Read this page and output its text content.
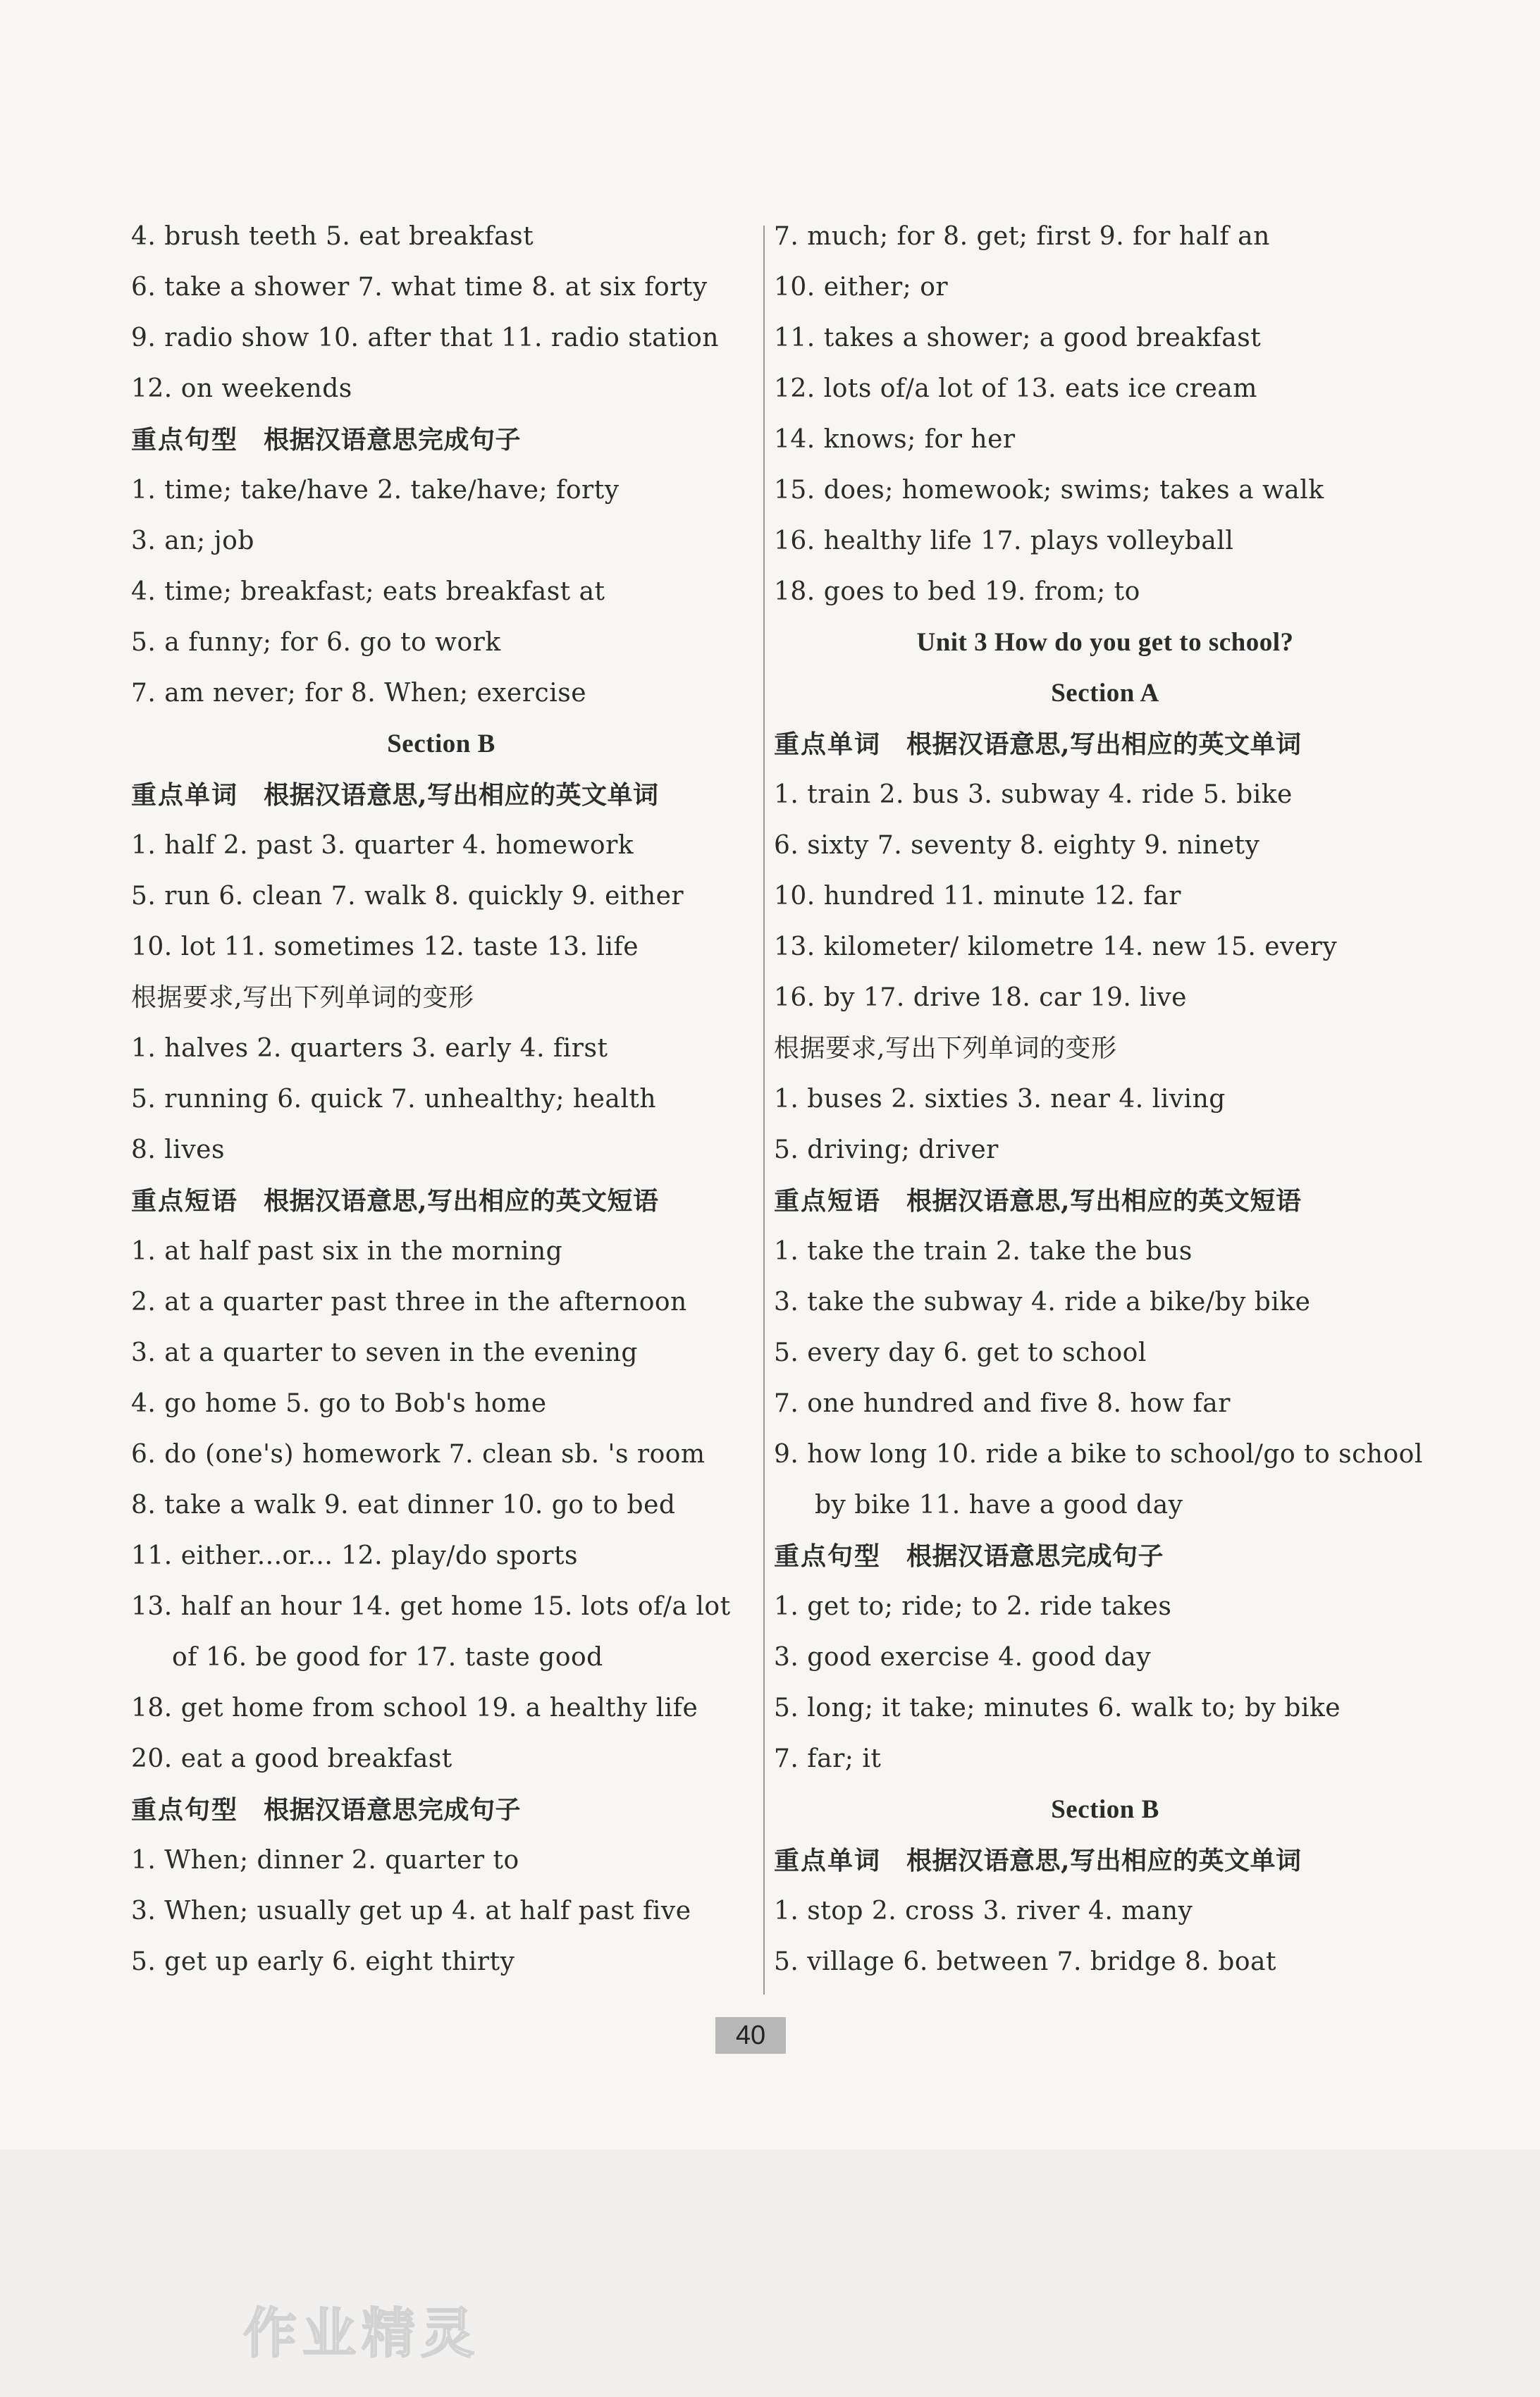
4. brush teeth 5. eat breakfast
6. take a shower 7. what time 8. at six forty
9. radio show 10. after that 11. radio station
12. on weekends
重点句型 根据汉语意思完成句子
1. time; take/have 2. take/have; forty
3. an; job
4. time; breakfast; eats breakfast at
5. a funny; for 6. go to work
7. am never; for 8. When; exercise
Section B
重点单词 根据汉语意思,写出相应的英文单词
1. half 2. past 3. quarter 4. homework
5. run 6. clean 7. walk 8. quickly 9. either
10. lot 11. sometimes 12. taste 13. life
根据要求,写出下列单词的变形
1. halves 2. quarters 3. early 4. first
5. running 6. quick 7. unhealthy; health
8. lives
重点短语 根据汉语意思,写出相应的英文短语
1. at half past six in the morning
2. at a quarter past three in the afternoon
3. at a quarter to seven in the evening
4. go home 5. go to Bob's home
6. do (one's) homework 7. clean sb. 's room
8. take a walk 9. eat dinner 10. go to bed
11. either...or... 12. play/do sports
13. half an hour 14. get home 15. lots of/a lot
of 16. be good for 17. taste good
18. get home from school 19. a healthy life
20. eat a good breakfast
重点句型 根据汉语意思完成句子
1. When; dinner 2. quarter to
3. When; usually get up 4. at half past five
5. get up early 6. eight thirty
7. much; for 8. get; first 9. for half an
10. either; or
11. takes a shower; a good breakfast
12. lots of/a lot of 13. eats ice cream
14. knows; for her
15. does; homewook; swims; takes a walk
16. healthy life 17. plays volleyball
18. goes to bed 19. from; to
Unit 3 How do you get to school?
Section A
重点单词 根据汉语意思,写出相应的英文单词
1. train 2. bus 3. subway 4. ride 5. bike
6. sixty 7. seventy 8. eighty 9. ninety
10. hundred 11. minute 12. far
13. kilometer/ kilometre 14. new 15. every
16. by 17. drive 18. car 19. live
根据要求,写出下列单词的变形
1. buses 2. sixties 3. near 4. living
5. driving; driver
重点短语 根据汉语意思,写出相应的英文短语
1. take the train 2. take the bus
3. take the subway 4. ride a bike/by bike
5. every day 6. get to school
7. one hundred and five 8. how far
9. how long 10. ride a bike to school/go to school
by bike 11. have a good day
重点句型 根据汉语意思完成句子
1. get to; ride; to 2. ride takes
3. good exercise 4. good day
5. long; it take; minutes 6. walk to; by bike
7. far; it
Section B
重点单词 根据汉语意思,写出相应的英文单词
1. stop 2. cross 3. river 4. many
5. village 6. between 7. bridge 8. boat
40
作业精灵
